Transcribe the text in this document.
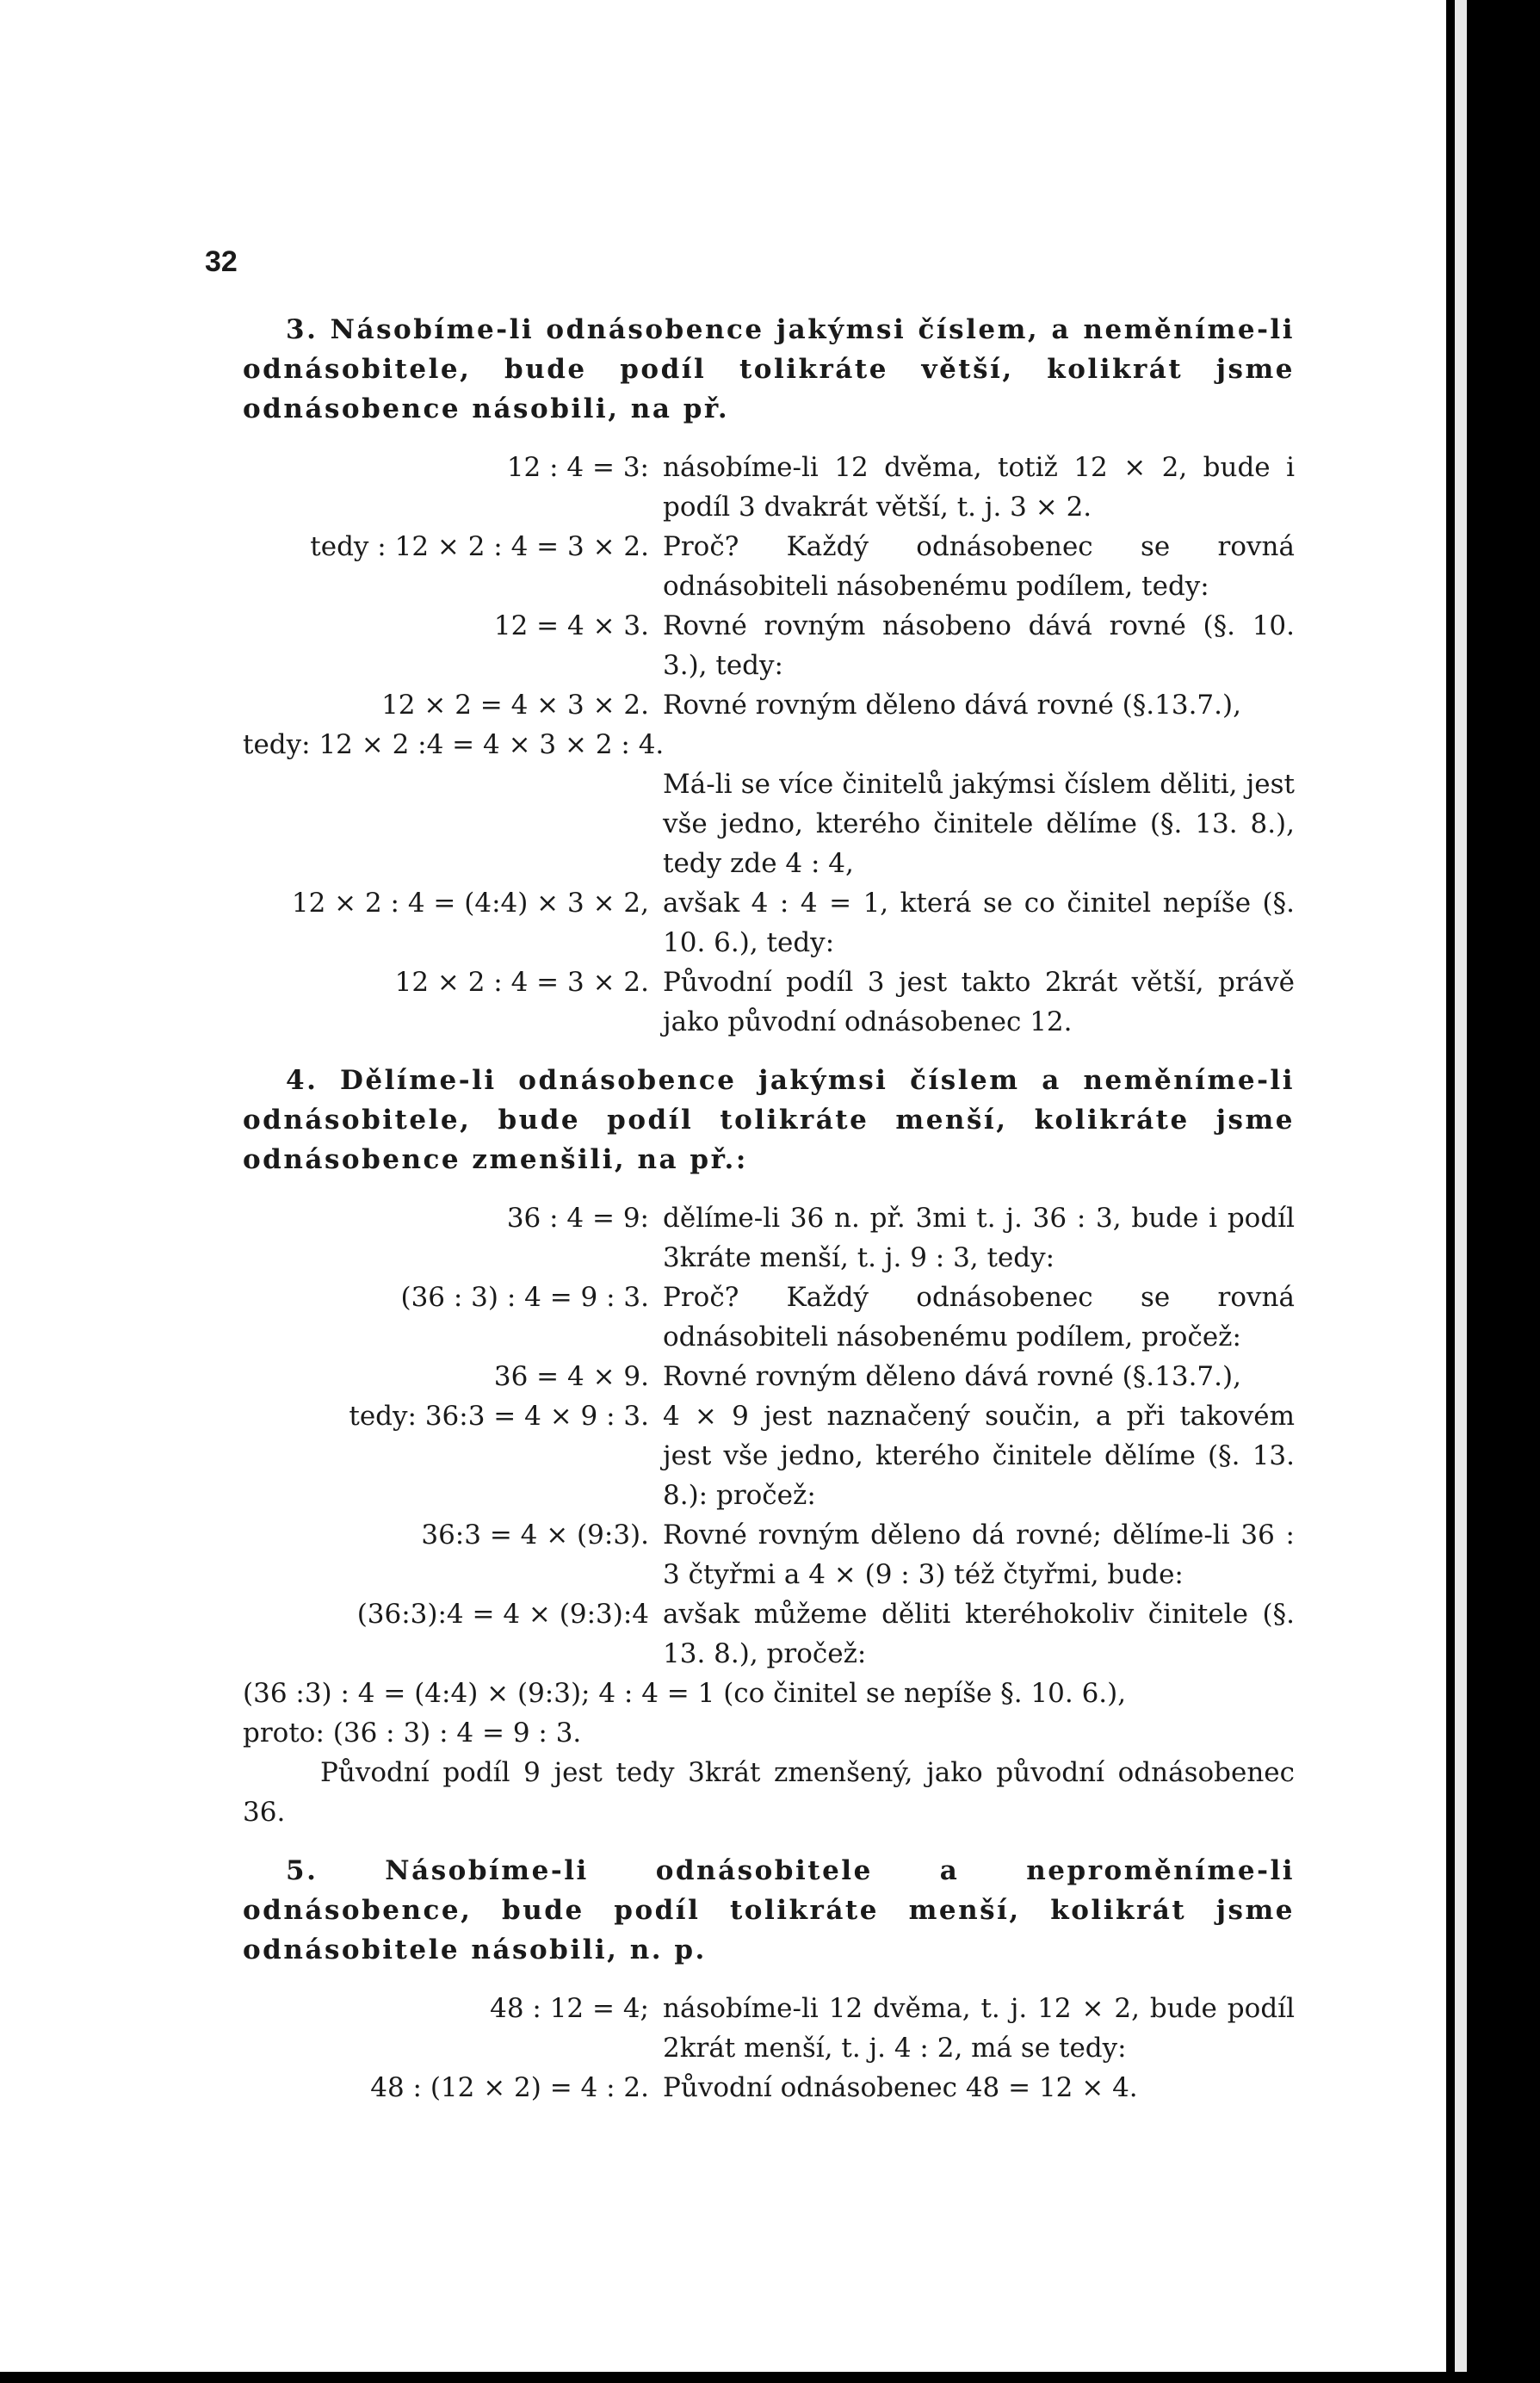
32

3. Násobíme-li odnásobence jakýmsi číslem, a neměníme-li odnásobitele, bude podíl tolikráte větší, kolikrát jsme odnásobence násobili, na př.

12 : 4 = 3: násobíme-li 12 dvěma, totiž 12 × 2, bude i podíl 3 dvakrát větší, t. j. 3 × 2.
tedy : 12 × 2 : 4 = 3 × 2. Proč? Každý odnásobenec se rovná odnásobiteli násobenému podílem, tedy:
12 = 4 × 3. Rovné rovným násobeno dává rovné (§. 10. 3.), tedy:
12 × 2 = 4 × 3 × 2. Rovné rovným děleno dává rovné (§.13.7.),
tedy: 12 × 2 :4 = 4 × 3 × 2 : 4.
Má-li se více činitelů jakýmsi číslem děliti, jest vše jedno, kterého činitele dělíme (§. 13. 8.), tedy zde 4 : 4,
12 × 2 : 4 = (4:4) × 3 × 2, avšak 4 : 4 = 1, která se co činitel nepíše (§. 10. 6.), tedy:
12 × 2 : 4 = 3 × 2. Původní podíl 3 jest takto 2krát větší, právě jako původní odnásobenec 12.

4. Dělíme-li odnásobence jakýmsi číslem a neměníme-li odnásobitele, bude podíl tolikráte menší, kolikráte jsme odnásobence zmenšili, na př.:

36 : 4 = 9: dělíme-li 36 n. př. 3mi t. j. 36 : 3, bude i podíl 3kráte menší, t. j. 9 : 3, tedy:
(36 : 3) : 4 = 9 : 3. Proč? Každý odnásobenec se rovná odnásobiteli násobenému podílem, pročež:
36 = 4 × 9. Rovné rovným děleno dává rovné (§.13.7.),
tedy: 36:3 = 4 × 9 : 3. 4 × 9 jest naznačený součin, a při takovém jest vše jedno, kterého činitele dělíme (§. 13. 8.): pročež:
36:3 = 4 × (9:3). Rovné rovným děleno dá rovné; dělíme-li 36 : 3 čtyřmi a 4 × (9 : 3) též čtyřmi, bude:
(36:3):4 = 4 × (9:3):4 avšak můžeme děliti kteréhokoliv činitele (§. 13. 8.), pročež:

(36 :3) : 4 = (4:4) × (9:3); 4 : 4 = 1 (co činitel se nepíše §. 10. 6.),

proto: (36 : 3) : 4 = 9 : 3.

Původní podíl 9 jest tedy 3krát zmenšený, jako původní odnásobenec 36.

5. Násobíme-li odnásobitele a neproměníme-li odnásobence, bude podíl tolikráte menší, kolikrát jsme odnásobitele násobili, n. p.

48 : 12 = 4; násobíme-li 12 dvěma, t. j. 12 × 2, bude podíl 2krát menší, t. j. 4 : 2, má se tedy:
48 : (12 × 2) = 4 : 2. Původní odnásobenec 48 = 12 × 4.
